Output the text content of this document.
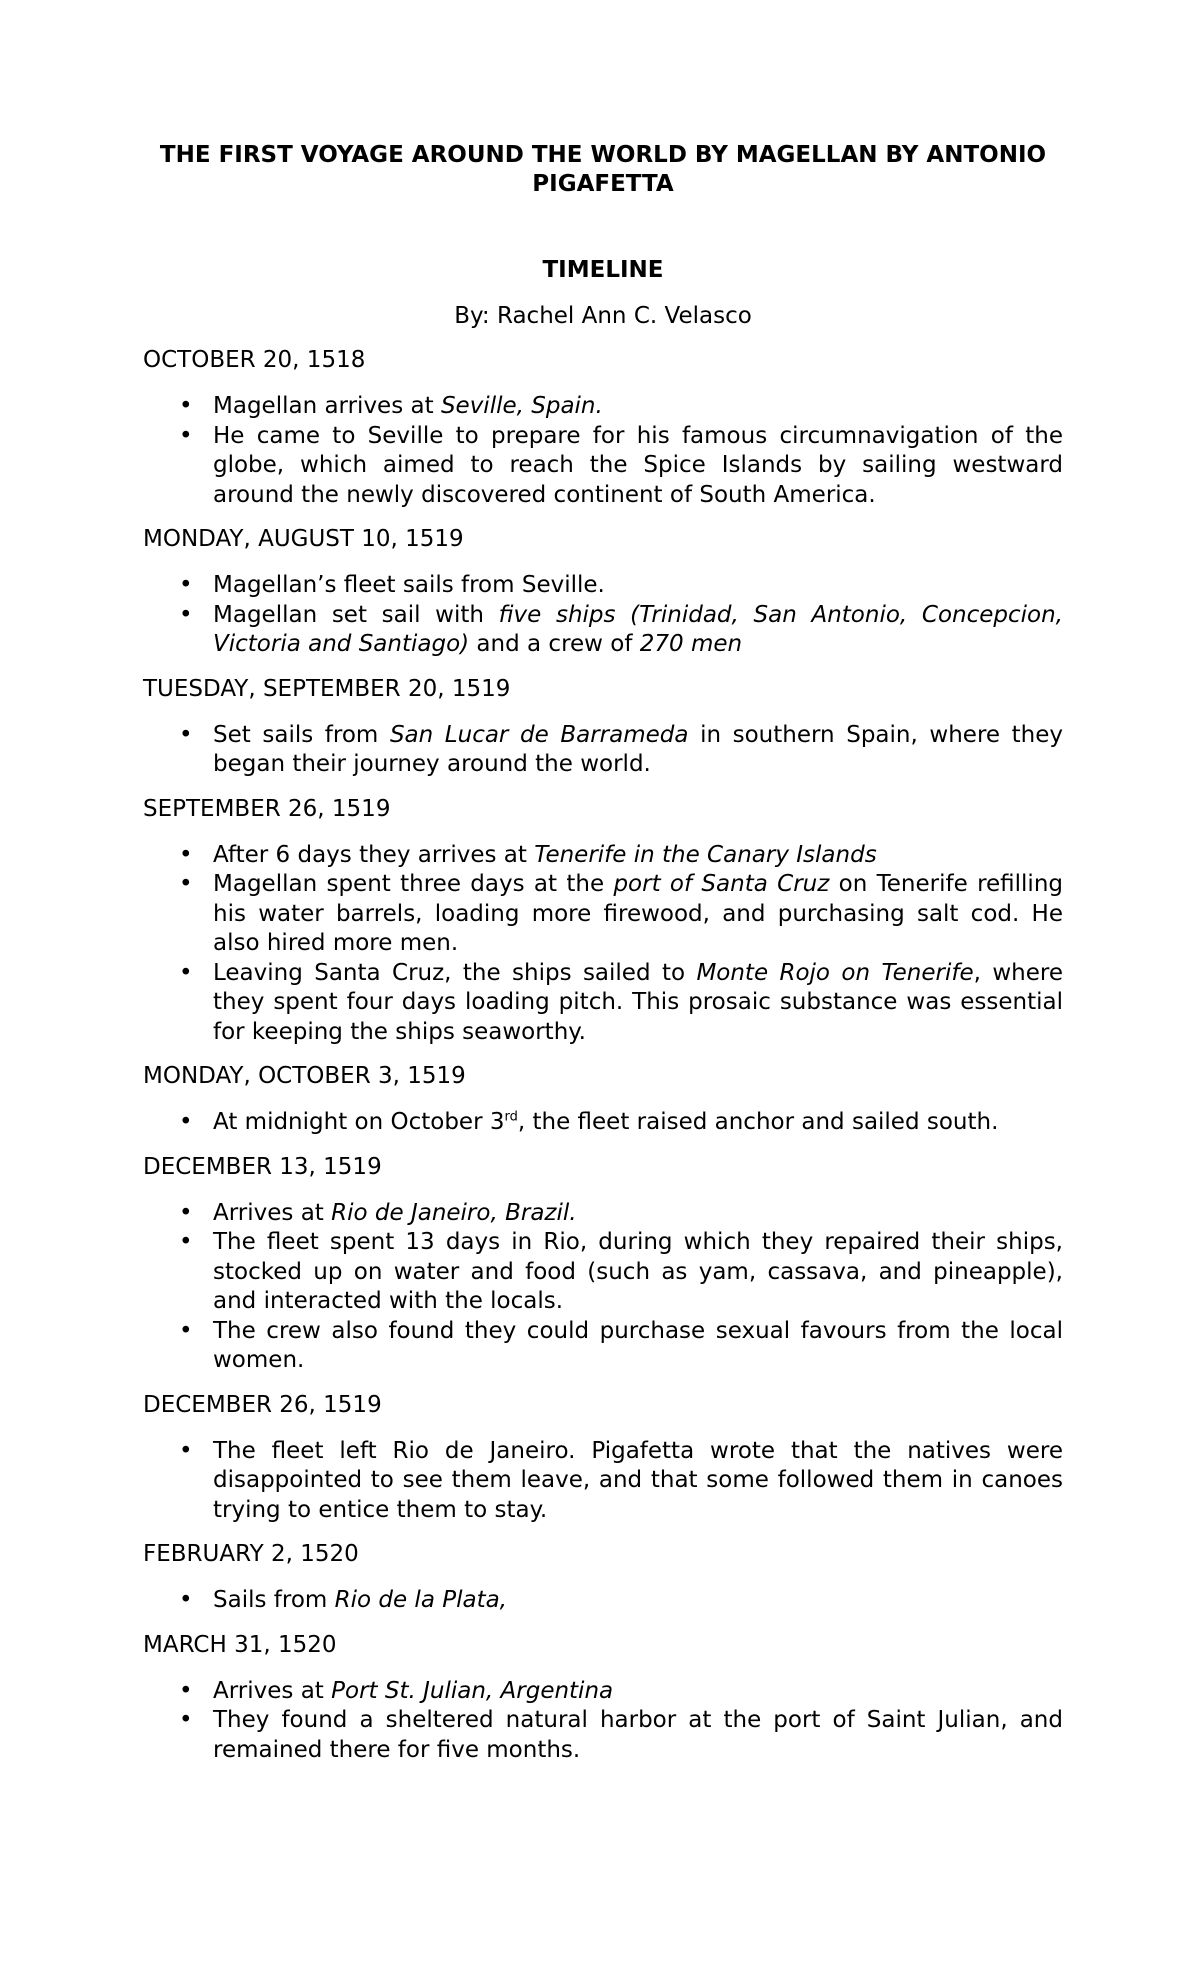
THE FIRST VOYAGE AROUND THE WORLD BY MAGELLAN BY ANTONIO PIGAFETTA
TIMELINE
By: Rachel Ann C. Velasco
OCTOBER 20, 1518
• Magellan arrives at Seville, Spain.
• He came to Seville to prepare for his famous circumnavigation of the globe, which aimed to reach the Spice Islands by sailing westward around the newly discovered continent of South America.
MONDAY, AUGUST 10, 1519
• Magellan’s fleet sails from Seville.
• Magellan set sail with five ships (Trinidad, San Antonio, Concepcion, Victoria and Santiago) and a crew of 270 men
TUESDAY, SEPTEMBER 20, 1519
• Set sails from San Lucar de Barrameda in southern Spain, where they began their journey around the world.
SEPTEMBER 26, 1519
• After 6 days they arrives at Tenerife in the Canary Islands
• Magellan spent three days at the port of Santa Cruz on Tenerife refilling his water barrels, loading more firewood, and purchasing salt cod. He also hired more men.
• Leaving Santa Cruz, the ships sailed to Monte Rojo on Tenerife, where they spent four days loading pitch. This prosaic substance was essential for keeping the ships seaworthy.
MONDAY, OCTOBER 3, 1519
• At midnight on October 3rd, the fleet raised anchor and sailed south.
DECEMBER 13, 1519
• Arrives at Rio de Janeiro, Brazil.
• The fleet spent 13 days in Rio, during which they repaired their ships, stocked up on water and food (such as yam, cassava, and pineapple), and interacted with the locals.
• The crew also found they could purchase sexual favours from the local women.
DECEMBER 26, 1519
• The fleet left Rio de Janeiro. Pigafetta wrote that the natives were disappointed to see them leave, and that some followed them in canoes trying to entice them to stay.
FEBRUARY 2, 1520
• Sails from Rio de la Plata,
MARCH 31, 1520
• Arrives at Port St. Julian, Argentina
• They found a sheltered natural harbor at the port of Saint Julian, and remained there for five months.
